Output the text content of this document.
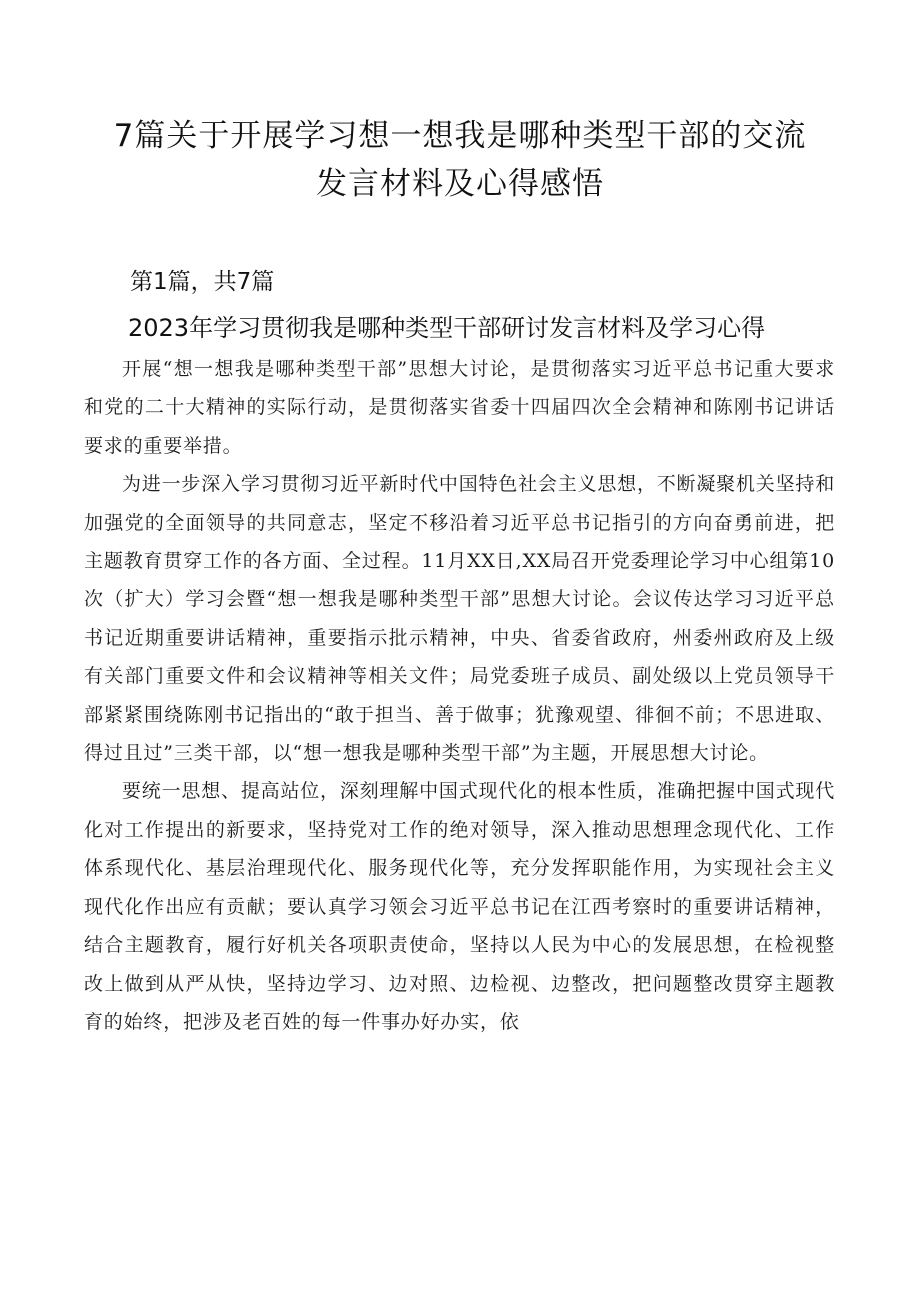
7篇关于开展学习想一想我是哪种类型干部的交流发言材料及心得感悟
第1篇，共7篇
2023年学习贯彻我是哪种类型干部研讨发言材料及学习心得

开展“想一想我是哪种类型干部”思想大讨论，是贯彻落实习近平总书记重大要求和党的二十大精神的实际行动，是贯彻落实省委十四届四次全会精神和陈刚书记讲话要求的重要举措。

为进一步深入学习贯彻习近平新时代中国特色社会主义思想，不断凝聚机关坚持和加强党的全面领导的共同意志，坚定不移沿着习近平总书记指引的方向奋勇前进，把主题教育贯穿工作的各方面、全过程。11月XX日,XX局召开党委理论学习中心组第10次（扩大）学习会暨“想一想我是哪种类型干部”思想大讨论。会议传达学习习近平总书记近期重要讲话精神，重要指示批示精神，中央、省委省政府，州委州政府及上级有关部门重要文件和会议精神等相关文件；局党委班子成员、副处级以上党员领导干部紧紧围绕陈刚书记指出的“敢于担当、善于做事；犹豫观望、徘徊不前；不思进取、得过且过”三类干部，以“想一想我是哪种类型干部”为主题，开展思想大讨论。

要统一思想、提高站位，深刻理解中国式现代化的根本性质，准确把握中国式现代化对工作提出的新要求，坚持党对工作的绝对领导，深入推动思想理念现代化、工作体系现代化、基层治理现代化、服务现代化等，充分发挥职能作用，为实现社会主义现代化作出应有贡献；要认真学习领会习近平总书记在江西考察时的重要讲话精神，结合主题教育，履行好机关各项职责使命，坚持以人民为中心的发展思想，在检视整改上做到从严从快，坚持边学习、边对照、边检视、边整改，把问题整改贯穿主题教育的始终，把涉及老百姓的每一件事办好办实，依
